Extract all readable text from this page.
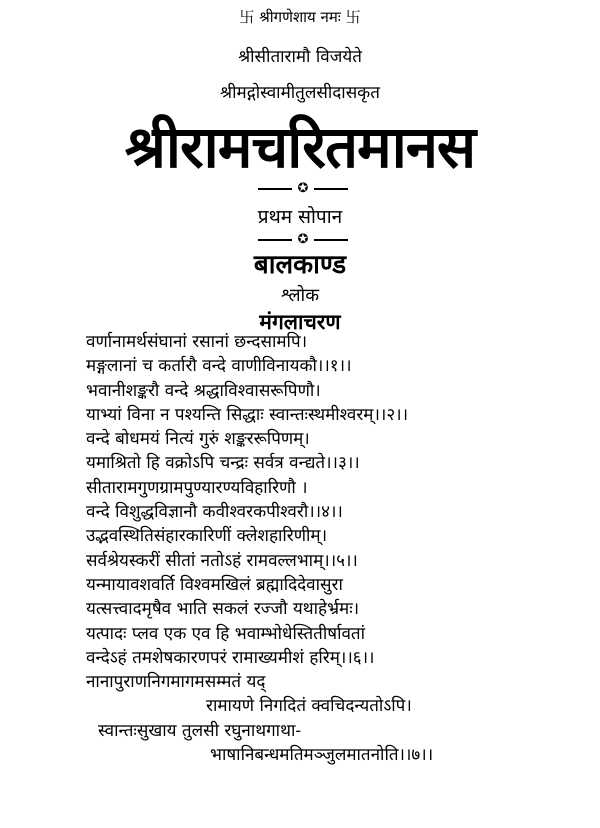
卐 श्रीगणेशाय नमः 卐
श्रीसीतारामौ विजयेते
श्रीमद्गोस्वामीतुलसीदासकृत
श्रीरामचरितमानस
✪
प्रथम सोपान
✪
बालकाण्ड
श्लोक
मंगलाचरण
वर्णानामर्थसंघानां रसानां छन्दसामपि।
मङ्गलानां च कर्तारौ वन्दे वाणीविनायकौ।।१।।
भवानीशङ्करौ वन्दे श्रद्धाविश्वासरूपिणौ।
याभ्यां विना न पश्यन्ति सिद्धाः स्वान्तःस्थमीश्वरम्।।२।।
वन्दे बोधमयं नित्यं गुरुं शङ्कररूपिणम्।
यमाश्रितो हि वक्रोऽपि चन्द्रः सर्वत्र वन्द्यते।।३।।
सीतारामगुणग्रामपुण्यारण्यविहारिणौ ।
वन्दे विशुद्धविज्ञानौ कवीश्वरकपीश्वरौ।।४।।
उद्भवस्थितिसंहारकारिणीं क्लेशहारिणीम्।
सर्वश्रेयस्करीं सीतां नतोऽहं रामवल्लभाम्।।५।।
यन्मायावशवर्ति विश्वमखिलं ब्रह्मादिदेवासुरा
यत्सत्त्वादमृषैव भाति सकलं रज्जौ यथाहेर्भ्रमः।
यत्पादः प्लव एक एव हि भवाम्भोधेस्तितीर्षावतां
वन्देऽहं तमशेषकारणपरं रामाख्यमीशं हरिम्।।६।।
नानापुराणनिगमागमसम्मतं यद्
रामायणे निगदितं क्वचिदन्यतोऽपि।
स्वान्तःसुखाय तुलसी रघुनाथगाथा-
भाषानिबन्धमतिमञ्जुलमातनोति।।७।।
